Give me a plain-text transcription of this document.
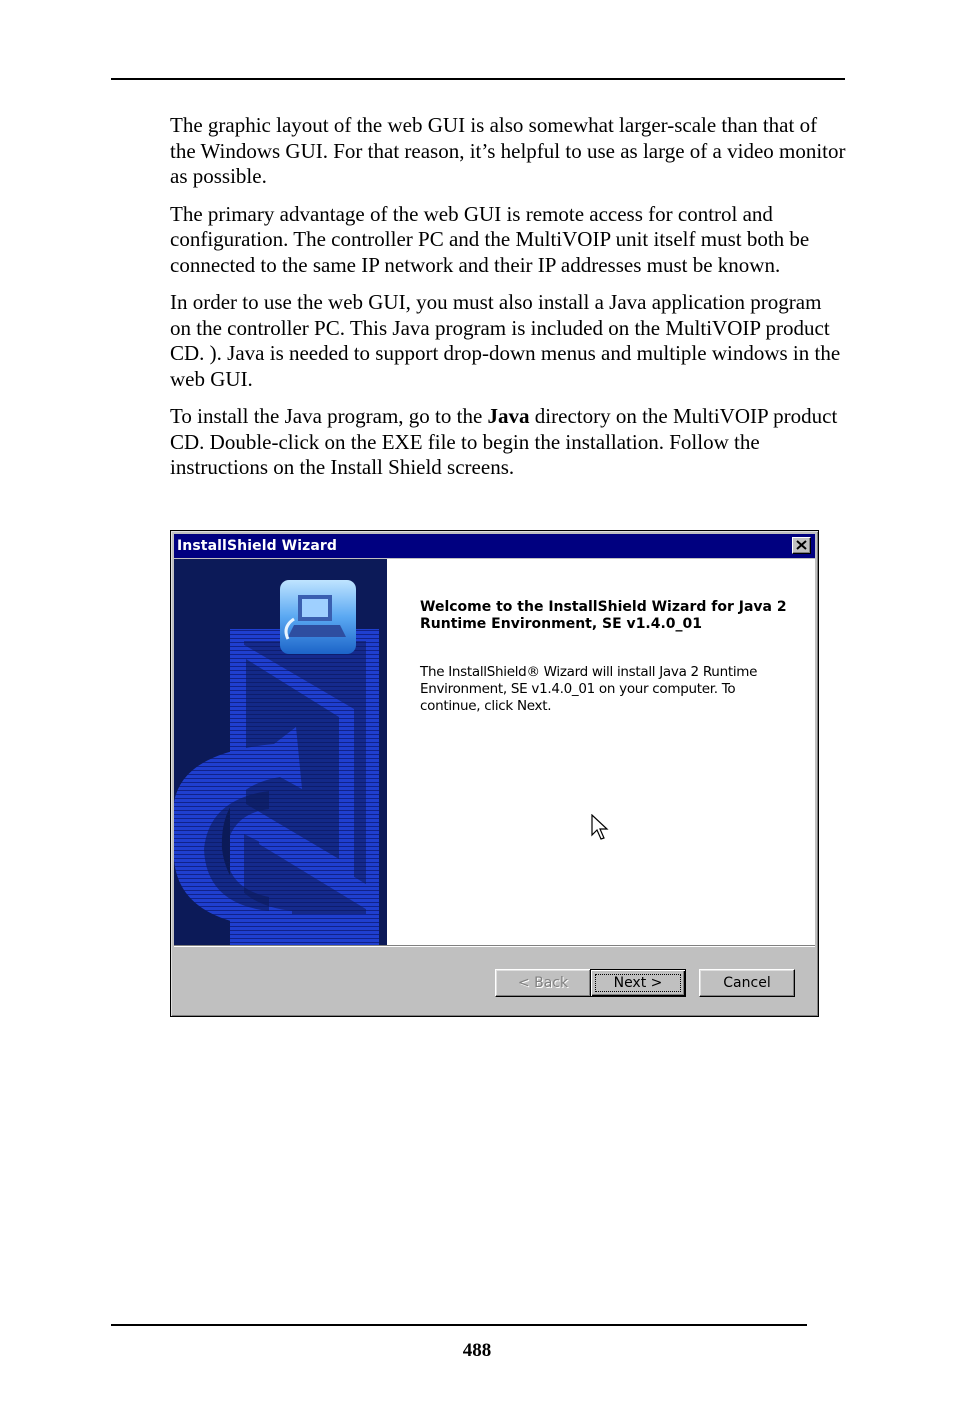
The graphic layout of the web GUI is also somewhat larger-scale than that of the Windows GUI. For that reason, it’s helpful to use as large of a video monitor as possible.

The primary advantage of the web GUI is remote access for control and configuration. The controller PC and the MultiVOIP unit itself must both be connected to the same IP network and their IP addresses must be known.

In order to use the web GUI, you must also install a Java application program on the controller PC. This Java program is included on the MultiVOIP product CD. ). Java is needed to support drop-down menus and multiple windows in the web GUI.

To install the Java program, go to the Java directory on the MultiVOIP product CD. Double-click on the EXE file to begin the installation. Follow the instructions on the Install Shield screens.

InstallShield Wizard
Welcome to the InstallShield Wizard for Java 2 Runtime Environment, SE v1.4.0_01
The InstallShield® Wizard will install Java 2 Runtime Environment, SE v1.4.0_01 on your computer. To continue, click Next.
< Back	Next >	Cancel
488
